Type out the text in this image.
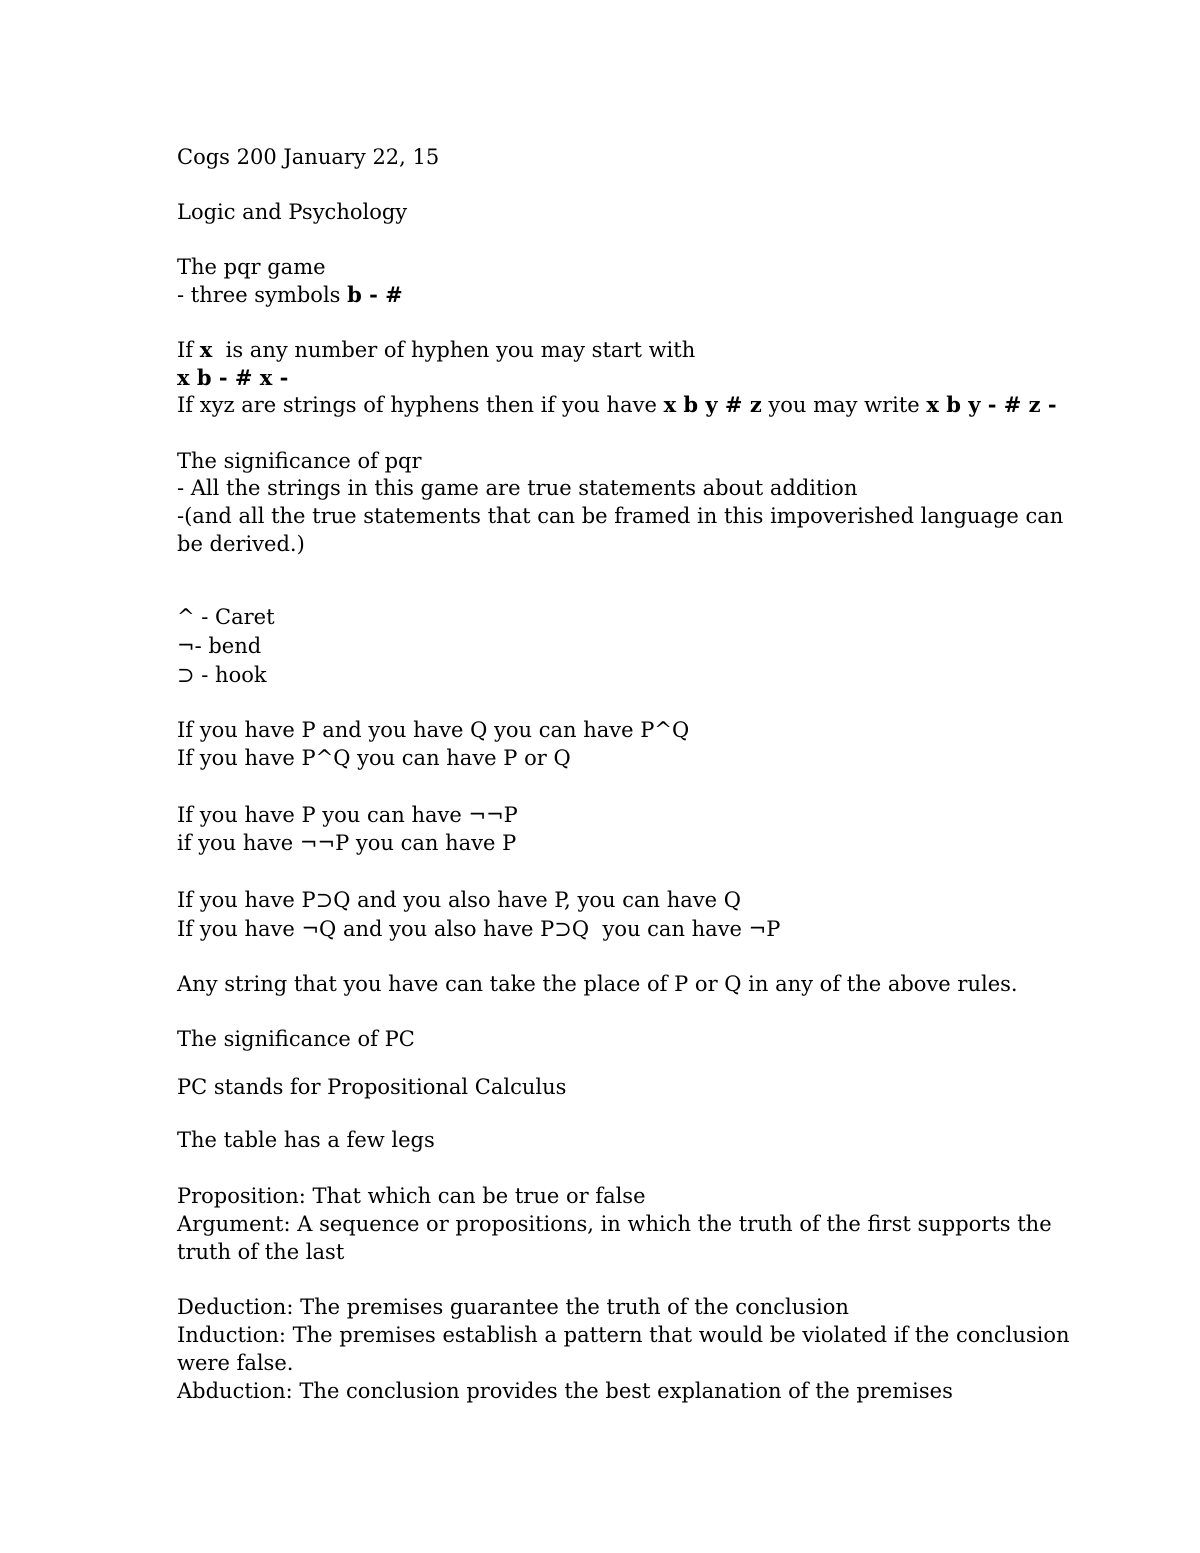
Cogs 200 January 22, 15

Logic and Psychology

The pqr game

- three symbols b - #

If x  is any number of hyphen you may start with

x b - # x -

If xyz are strings of hyphens then if you have x b y # z you may write x b y - # z -

The significance of pqr

- All the strings in this game are true statements about addition

-(and all the true statements that can be framed in this impoverished language can

be derived.)

^ - Caret

¬- bend

⊃ - hook

If you have P and you have Q you can have P^Q

If you have P^Q you can have P or Q

If you have P you can have ¬¬P

if you have ¬¬P you can have P

If you have P⊃Q and you also have P, you can have Q

If you have ¬Q and you also have P⊃Q  you can have ¬P

Any string that you have can take the place of P or Q in any of the above rules.

The significance of PC

PC stands for Propositional Calculus

The table has a few legs

Proposition: That which can be true or false

Argument: A sequence or propositions, in which the truth of the first supports the

truth of the last

Deduction: The premises guarantee the truth of the conclusion

Induction: The premises establish a pattern that would be violated if the conclusion

were false.

Abduction: The conclusion provides the best explanation of the premises
